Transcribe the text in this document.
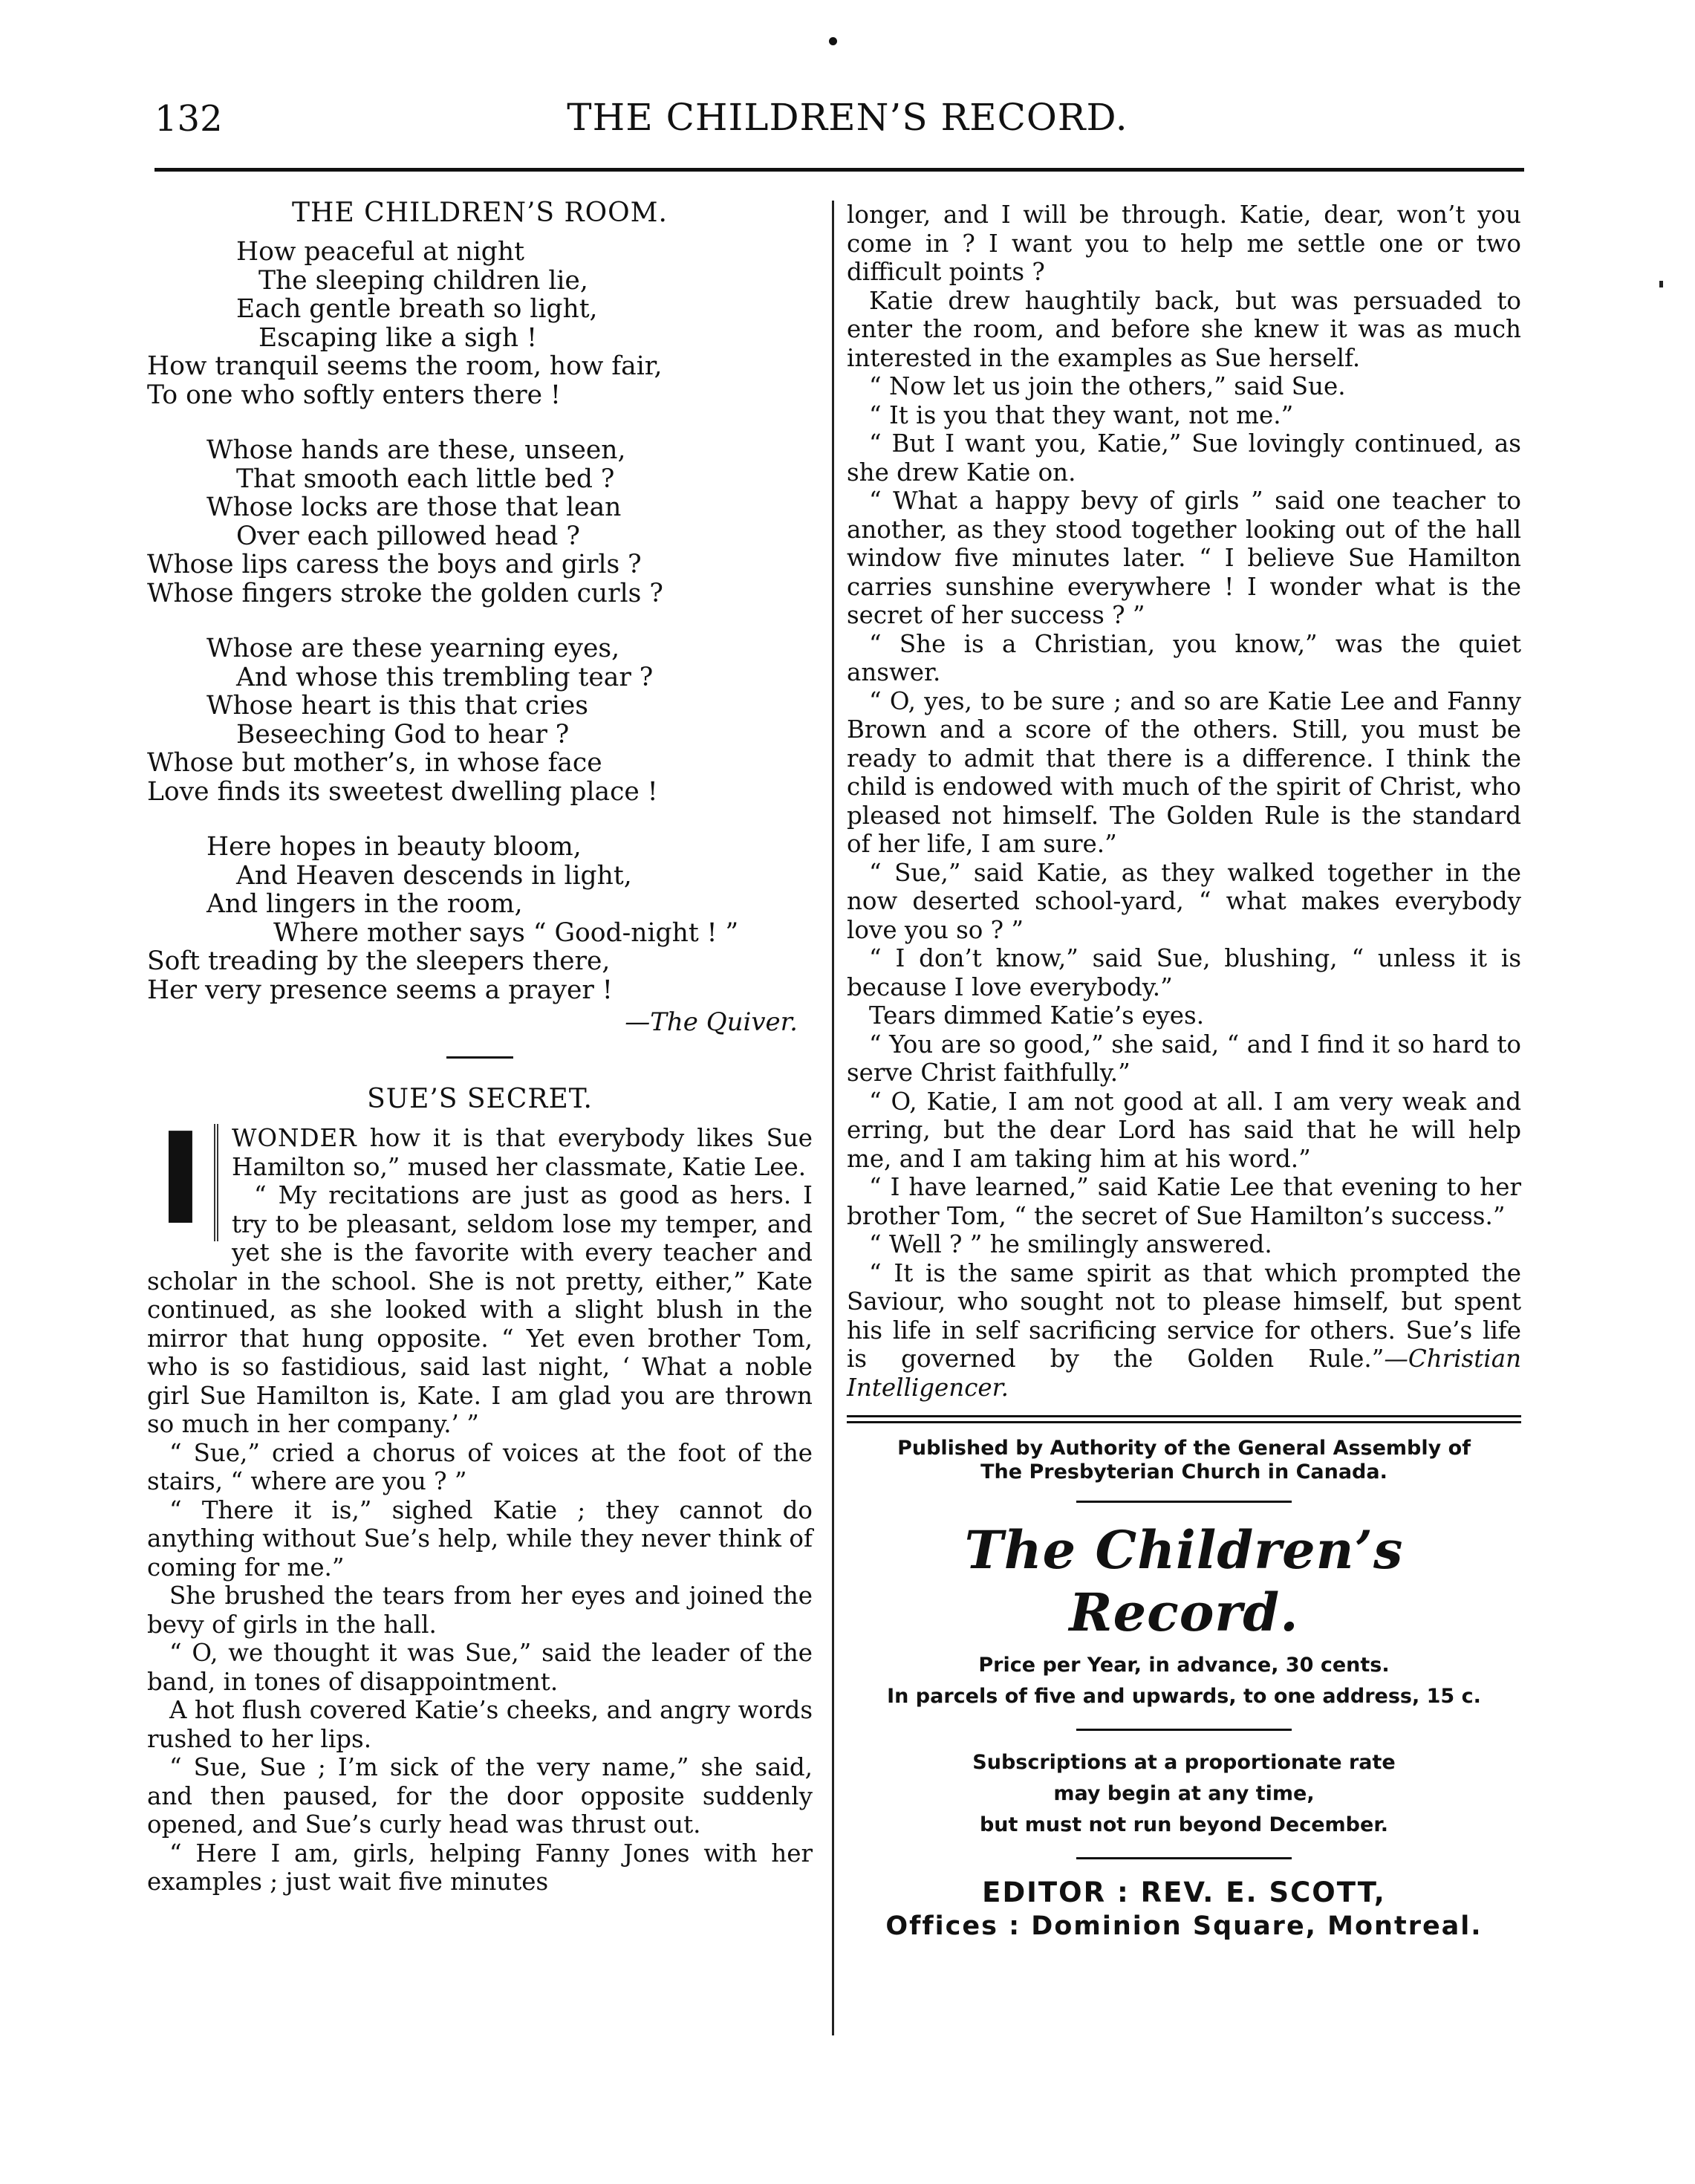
132	THE CHILDREN’S RECORD.
THE CHILDREN’S ROOM.
How peaceful at night
The sleeping children lie,
Each gentle breath so light,
Escaping like a sigh !
How tranquil seems the room, how fair,
To one who softly enters there !
Whose hands are these, unseen,
That smooth each little bed ?
Whose locks are those that lean
Over each pillowed head ?
Whose lips caress the boys and girls ?
Whose fingers stroke the golden curls ?
Whose are these yearning eyes,
And whose this trembling tear ?
Whose heart is this that cries
Beseeching God to hear ?
Whose but mother’s, in whose face
Love finds its sweetest dwelling place !
Here hopes in beauty bloom,
And Heaven descends in light,
And lingers in the room,
Where mother says “ Good-night ! ”
Soft treading by the sleepers there,
Her very presence seems a prayer !
—The Quiver.
SUE’S SECRET.

I	WONDER how it is that everybody likes Sue Hamilton so,” mused her classmate, Katie Lee.

“ My recitations are just as good as hers. I try to be pleasant, seldom lose my temper, and yet she is the favorite with every teacher and scholar in the school. She is not pretty, either,” Kate continued, as she looked with a slight blush in the mirror that hung opposite. “ Yet even brother Tom, who is so fastidious, said last night, ‘ What a noble girl Sue Hamilton is, Kate. I am glad you are thrown so much in her company.’ ”

“ Sue,” cried a chorus of voices at the foot of the stairs, “ where are you ? ”

“ There it is,” sighed Katie ; they cannot do anything without Sue’s help, while they never think of coming for me.”

She brushed the tears from her eyes and joined the bevy of girls in the hall.

“ O, we thought it was Sue,” said the leader of the band, in tones of disappointment.

A hot flush covered Katie’s cheeks, and angry words rushed to her lips.

“ Sue, Sue ; I’m sick of the very name,” she said, and then paused, for the door opposite suddenly opened, and Sue’s curly head was thrust out.

“ Here I am, girls, helping Fanny Jones with her examples ; just wait five minutes

longer, and I will be through. Katie, dear, won’t you come in ? I want you to help me settle one or two difficult points ?

Katie drew haughtily back, but was persuaded to enter the room, and before she knew it was as much interested in the examples as Sue herself.

“ Now let us join the others,” said Sue.

“ It is you that they want, not me.”

“ But I want you, Katie,” Sue lovingly continued, as she drew Katie on.

“ What a happy bevy of girls ” said one teacher to another, as they stood together looking out of the hall window five minutes later. “ I believe Sue Hamilton carries sunshine everywhere ! I wonder what is the secret of her success ? ”

“ She is a Christian, you know,” was the quiet answer.

“ O, yes, to be sure ; and so are Katie Lee and Fanny Brown and a score of the others. Still, you must be ready to admit that there is a difference. I think the child is endowed with much of the spirit of Christ, who pleased not himself. The Golden Rule is the standard of her life, I am sure.”

“ Sue,” said Katie, as they walked together in the now deserted school-yard, “ what makes everybody love you so ? ”

“ I don’t know,” said Sue, blushing, “ unless it is because I love everybody.”

Tears dimmed Katie’s eyes.

“ You are so good,” she said, “ and I find it so hard to serve Christ faithfully.”

“ O, Katie, I am not good at all. I am very weak and erring, but the dear Lord has said that he will help me, and I am taking him at his word.”

“ I have learned,” said Katie Lee that evening to her brother Tom, “ the secret of Sue Hamilton’s success.”

“ Well ? ” he smilingly answered.

“ It is the same spirit as that which prompted the Saviour, who sought not to please himself, but spent his life in self sacrificing service for others. Sue’s life is governed by the Golden Rule.”—Christian Intelligencer.

Published by Authority of the General Assembly of

The Presbyterian Church in Canada.

The Children’s Record.

Price per Year, in advance, 30 cents.

In parcels of five and upwards, to one address, 15 c.

Subscriptions at a proportionate rate

may begin at any time,

but must not run beyond December.

EDITOR : REV. E. SCOTT,

Offices : Dominion Square, Montreal.
